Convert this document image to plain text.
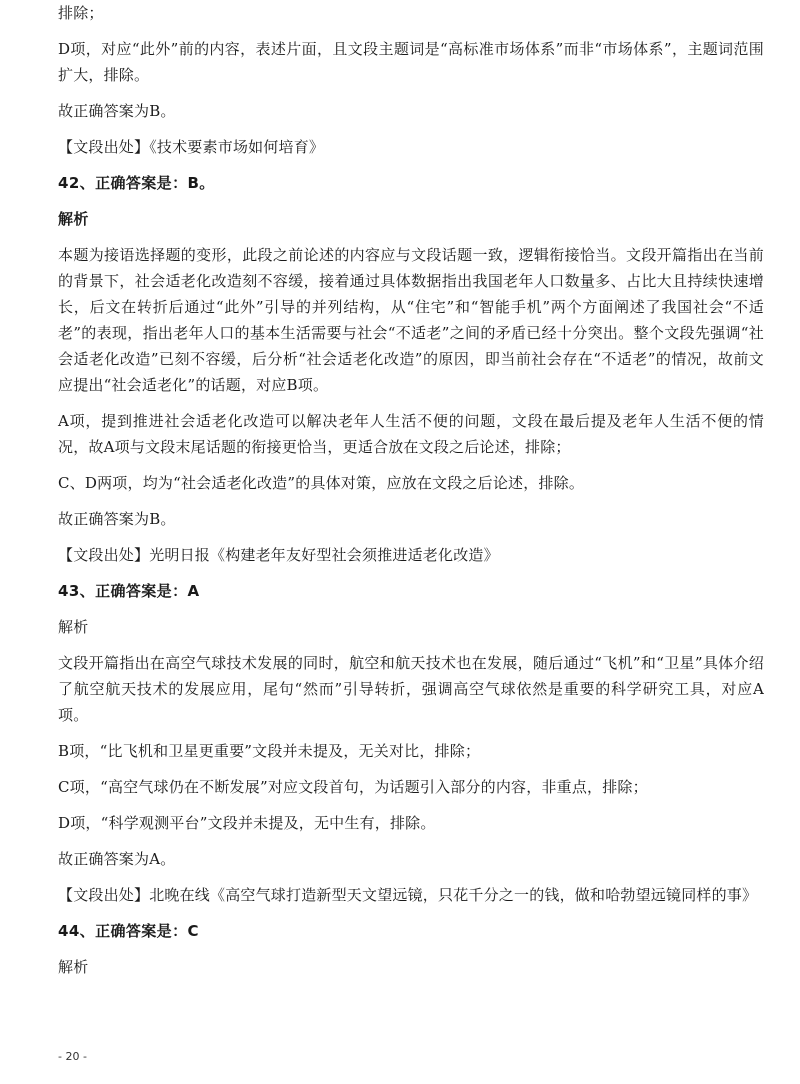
排除；

D项，对应“此外”前的内容，表述片面，且文段主题词是“高标准市场体系”而非“市场体系”，主题词范围扩大，排除。

故正确答案为B。

【文段出处】《技术要素市场如何培育》

42、正确答案是：B。

解析

本题为接语选择题的变形，此段之前论述的内容应与文段话题一致，逻辑衔接恰当。文段开篇指出在当前的背景下，社会适老化改造刻不容缓，接着通过具体数据指出我国老年人口数量多、占比大且持续快速增长，后文在转折后通过“此外”引导的并列结构，从“住宅”和“智能手机”两个方面阐述了我国社会“不适老”的表现，指出老年人口的基本生活需要与社会“不适老”之间的矛盾已经十分突出。整个文段先强调“社会适老化改造”已刻不容缓，后分析“社会适老化改造”的原因，即当前社会存在“不适老”的情况，故前文应提出“社会适老化”的话题，对应B项。

A项，提到推进社会适老化改造可以解决老年人生活不便的问题，文段在最后提及老年人生活不便的情况，故A项与文段末尾话题的衔接更恰当，更适合放在文段之后论述，排除；

C、D两项，均为“社会适老化改造”的具体对策，应放在文段之后论述，排除。

故正确答案为B。

【文段出处】光明日报《构建老年友好型社会须推进适老化改造》

43、正确答案是：A

解析

文段开篇指出在高空气球技术发展的同时，航空和航天技术也在发展，随后通过“飞机”和“卫星”具体介绍了航空航天技术的发展应用，尾句“然而”引导转折，强调高空气球依然是重要的科学研究工具，对应A项。

B项，“比飞机和卫星更重要”文段并未提及，无关对比，排除；

C项，“高空气球仍在不断发展”对应文段首句，为话题引入部分的内容，非重点，排除；

D项，“科学观测平台”文段并未提及，无中生有，排除。

故正确答案为A。

【文段出处】北晚在线《高空气球打造新型天文望远镜，只花千分之一的钱，做和哈勃望远镜同样的事》

44、正确答案是：C

解析

- 20 -
